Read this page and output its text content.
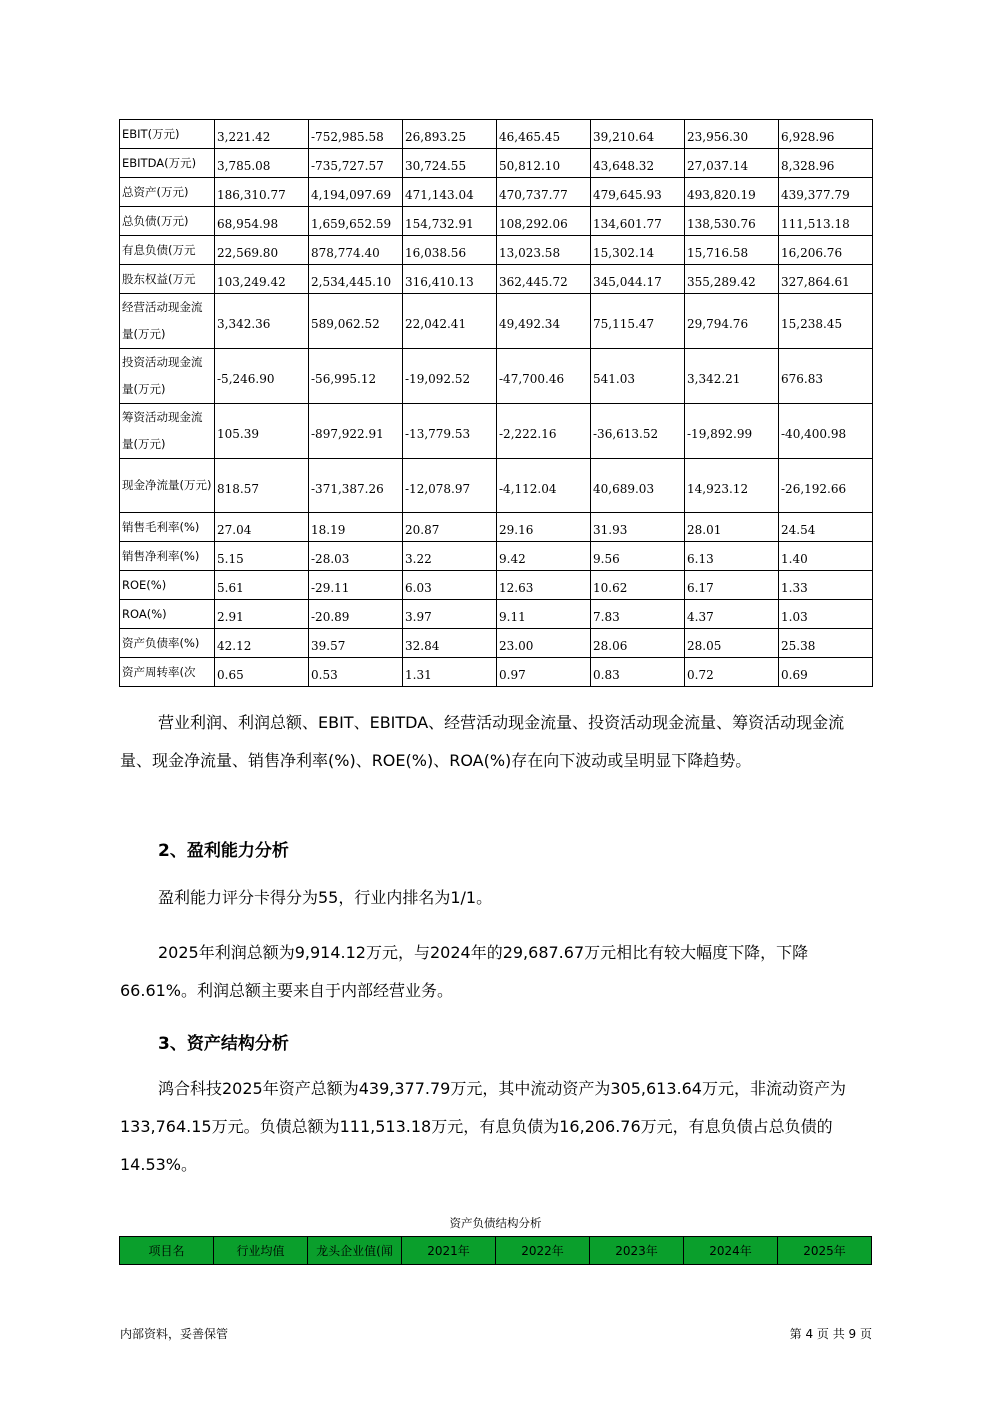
EBIT(万元)	3,221.42	-752,985.58	26,893.25	46,465.45	39,210.64	23,956.30	6,928.96
EBITDA(万元)	3,785.08	-735,727.57	30,724.55	50,812.10	43,648.32	27,037.14	8,328.96
总资产(万元)	186,310.77	4,194,097.69	471,143.04	470,737.77	479,645.93	493,820.19	439,377.79
总负债(万元)	68,954.98	1,659,652.59	154,732.91	108,292.06	134,601.77	138,530.76	111,513.18
有息负债(万元	22,569.80	878,774.40	16,038.56	13,023.58	15,302.14	15,716.58	16,206.76
股东权益(万元	103,249.42	2,534,445.10	316,410.13	362,445.72	345,044.17	355,289.42	327,864.61
经营活动现金流量(万元)	3,342.36	589,062.52	22,042.41	49,492.34	75,115.47	29,794.76	15,238.45
投资活动现金流量(万元)	-5,246.90	-56,995.12	-19,092.52	-47,700.46	541.03	3,342.21	676.83
筹资活动现金流量(万元)	105.39	-897,922.91	-13,779.53	-2,222.16	-36,613.52	-19,892.99	-40,400.98
现金净流量(万元)	818.57	-371,387.26	-12,078.97	-4,112.04	40,689.03	14,923.12	-26,192.66
销售毛利率(%)	27.04	18.19	20.87	29.16	31.93	28.01	24.54
销售净利率(%)	5.15	-28.03	3.22	9.42	9.56	6.13	1.40
ROE(%)	5.61	-29.11	6.03	12.63	10.62	6.17	1.33
ROA(%)	2.91	-20.89	3.97	9.11	7.83	4.37	1.03
资产负债率(%)	42.12	39.57	32.84	23.00	28.06	28.05	25.38
资产周转率(次	0.65	0.53	1.31	0.97	0.83	0.72	0.69
营业利润、利润总额、EBIT、EBITDA、经营活动现金流量、投资活动现金流量、筹资活动现金流量、现金净流量、销售净利率(%)、ROE(%)、ROA(%)存在向下波动或呈明显下降趋势。
2、盈利能力分析
盈利能力评分卡得分为55，行业内排名为1/1。
2025年利润总额为9,914.12万元，与2024年的29,687.67万元相比有较大幅度下降，下降66.61%。利润总额主要来自于内部经营业务。
3、资产结构分析
鸿合科技2025年资产总额为439,377.79万元，其中流动资产为305,613.64万元，非流动资产为133,764.15万元。负债总额为111,513.18万元，有息负债为16,206.76万元，有息负债占总负债的14.53%。
资产负债结构分析
项目名	行业均值	龙头企业值(闻	2021年	2022年	2023年	2024年	2025年
内部资料，妥善保管	第 4 页 共 9 页
